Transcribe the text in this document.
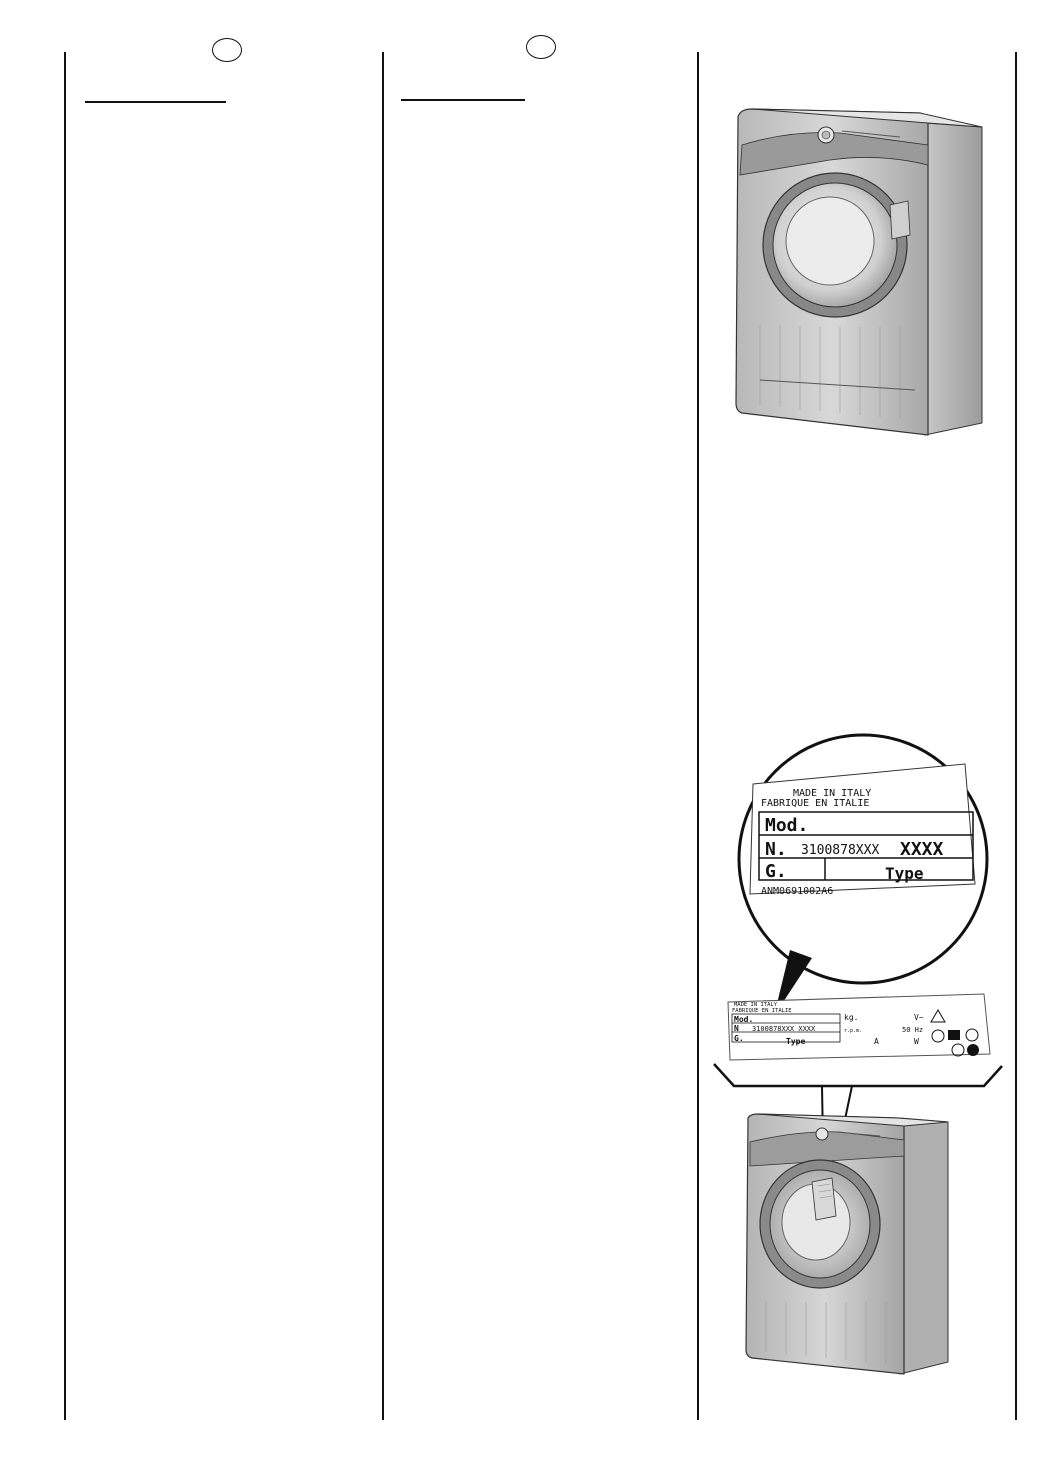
MADE IN ITALY
FABRIQUE EN ITALIE
Mod.
N. 3100878XXX XXXX
G.	Type
ANM0691002A6
MADE IN ITALY
FABRIQUE EN ITALIE
Mod.
N 3100878XXX XXXX
G.	Type
kg.
r.p.m.
A
V~
50 Hz
W
